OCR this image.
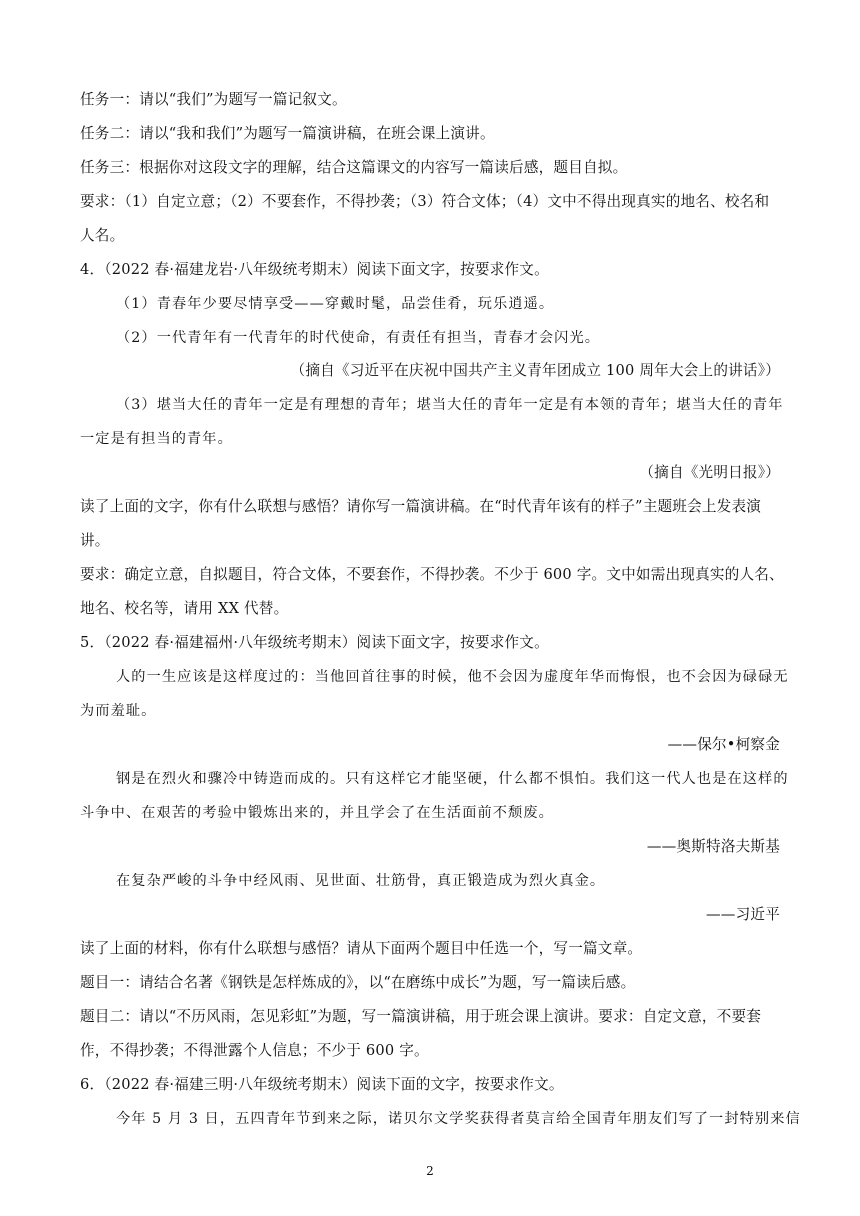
任务一：请以“我们”为题写一篇记叙文。
任务二：请以“我和我们”为题写一篇演讲稿，在班会课上演讲。
任务三：根据你对这段文字的理解，结合这篇课文的内容写一篇读后感，题目自拟。
要求：（1）自定立意；（2）不要套作，不得抄袭；（3）符合文体；（4）文中不得出现真实的地名、校名和
人名。
4．（2022 春·福建龙岩·八年级统考期末）阅读下面文字，按要求作文。
（1）青春年少要尽情享受——穿戴时髦，品尝佳肴，玩乐逍遥。
（2）一代青年有一代青年的时代使命，有责任有担当，青春才会闪光。
（摘自《习近平在庆祝中国共产主义青年团成立 100 周年大会上的讲话》）
（3）堪当大任的青年一定是有理想的青年；堪当大任的青年一定是有本领的青年；堪当大任的青年
一定是有担当的青年。
（摘自《光明日报》）
读了上面的文字，你有什么联想与感悟？请你写一篇演讲稿。在“时代青年该有的样子”主题班会上发表演
讲。
要求：确定立意，自拟题目，符合文体，不要套作，不得抄袭。不少于 600 字。文中如需出现真实的人名、
地名、校名等，请用 XX 代替。
5．（2022 春·福建福州·八年级统考期末）阅读下面文字，按要求作文。
人的一生应该是这样度过的：当他回首往事的时候，他不会因为虚度年华而悔恨，也不会因为碌碌无
为而羞耻。
——保尔•柯察金
钢是在烈火和骤冷中铸造而成的。只有这样它才能坚硬，什么都不惧怕。我们这一代人也是在这样的
斗争中、在艰苦的考验中锻炼出来的，并且学会了在生活面前不颓废。
——奥斯特洛夫斯基
在复杂严峻的斗争中经风雨、见世面、壮筋骨，真正锻造成为烈火真金。
——习近平
读了上面的材料，你有什么联想与感悟？请从下面两个题目中任选一个，写一篇文章。
题目一：请结合名著《钢铁是怎样炼成的》，以“在磨练中成长”为题，写一篇读后感。
题目二：请以“不历风雨，怎见彩虹”为题，写一篇演讲稿，用于班会课上演讲。要求：自定文意，不要套
作，不得抄袭；不得泄露个人信息；不少于 600 字。
6．（2022 春·福建三明·八年级统考期末）阅读下面的文字，按要求作文。
今年 5 月 3 日，五四青年节到来之际，诺贝尔文学奖获得者莫言给全国青年朋友们写了一封特别来信
2
